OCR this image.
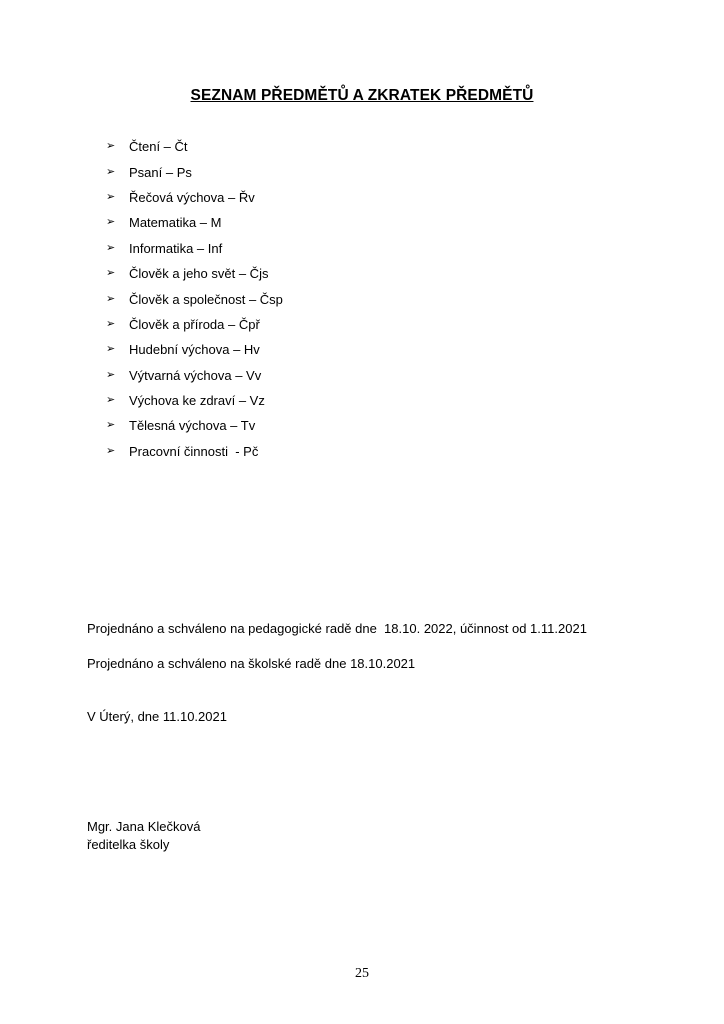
SEZNAM PŘEDMĚTŮ A ZKRATEK PŘEDMĚTŮ
➢	Čtení – Čt
➢	Psaní – Ps
➢	Řečová výchova – Řv
➢	Matematika – M
➢	Informatika – Inf
➢	Člověk a jeho svět – Čjs
➢	Člověk a společnost – Čsp
➢	Člověk a příroda – Čpř
➢	Hudební výchova – Hv
➢	Výtvarná výchova – Vv
➢	Výchova ke zdraví – Vz
➢	Tělesná výchova – Tv
➢	Pracovní činnosti  - Pč
Projednáno a schváleno na pedagogické radě dne  18.10. 2022, účinnost od 1.11.2021
Projednáno a schváleno na školské radě dne 18.10.2021
V Úterý, dne 11.10.2021
Mgr. Jana Klečková
ředitelka školy
25
